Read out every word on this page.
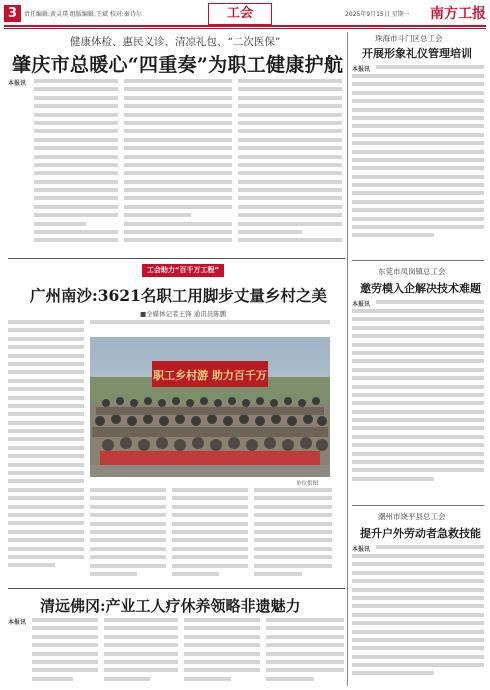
3	责任编辑:黄灵璞 组版编辑:王斌 校对:秦诗尔	工会	2025年9月15日 星期一 南方工报
健康体检、惠民义诊、清凉礼包、“二次医保”
肇庆市总暖心“四重奏”为职工健康护航
本报讯
工会助力“百千万工程”
广州南沙:3621名职工用脚步丈量乡村之美
■全媒体记者王锋 通讯员陈鹏
职工乡村游 助力百千万
单位供图
清远佛冈:产业工人疗休养领略非遗魅力
本报讯
珠海市斗门区总工会
开展形象礼仪管理培训
本报讯
东莞市凤岗镇总工会
邀劳模入企解决技术难题
本报讯
潮州市饶平县总工会
提升户外劳动者急救技能
本报讯
